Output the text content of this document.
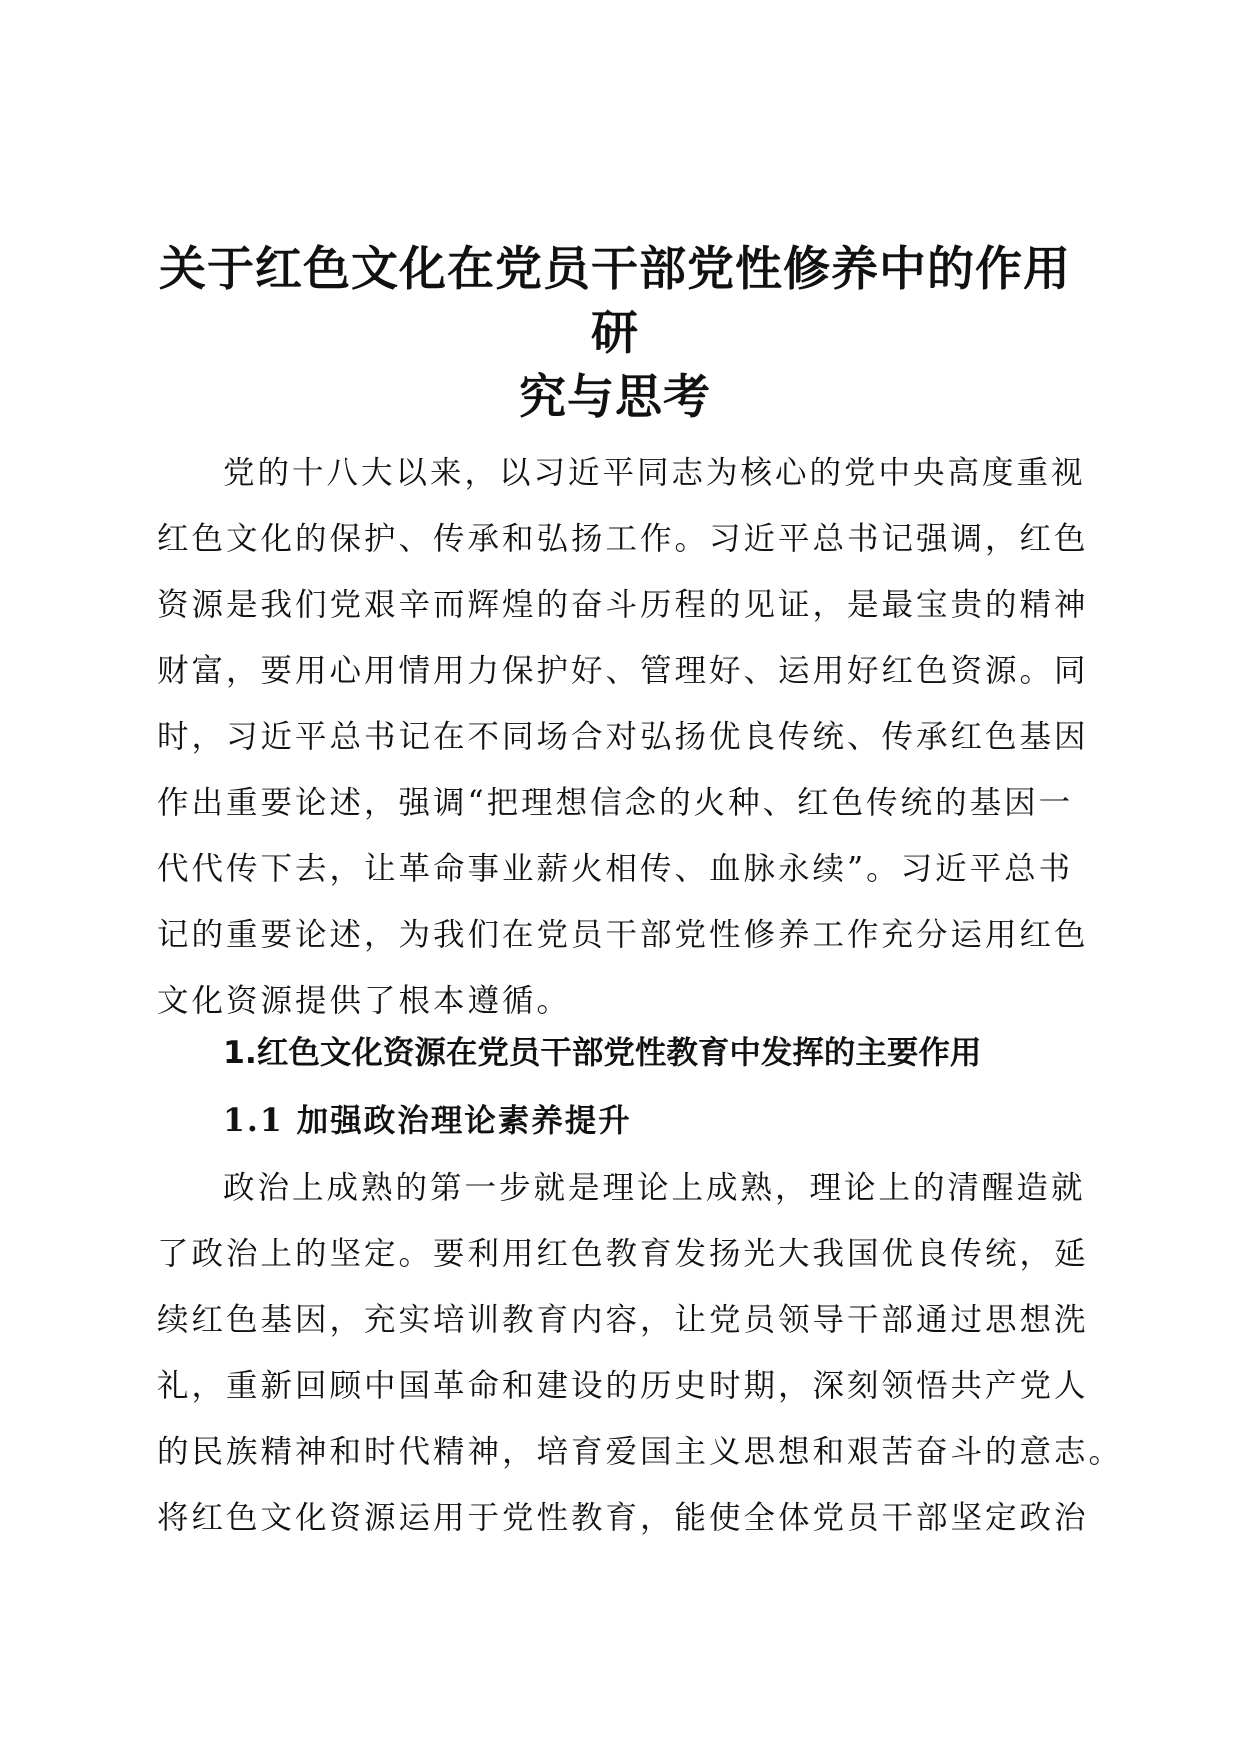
关于红色文化在党员干部党性修养中的作用研
究与思考

党的十八大以来，以习近平同志为核心的党中央高度重视
红色文化的保护、传承和弘扬工作。习近平总书记强调，红色
资源是我们党艰辛而辉煌的奋斗历程的见证，是最宝贵的精神
财富，要用心用情用力保护好、管理好、运用好红色资源。同
时，习近平总书记在不同场合对弘扬优良传统、传承红色基因
作出重要论述，强调“把理想信念的火种、红色传统的基因一
代代传下去，让革命事业薪火相传、血脉永续”。习近平总书
记的重要论述，为我们在党员干部党性修养工作充分运用红色
文化资源提供了根本遵循。

1.红色文化资源在党员干部党性教育中发挥的主要作用
1.1 加强政治理论素养提升

政治上成熟的第一步就是理论上成熟，理论上的清醒造就
了政治上的坚定。要利用红色教育发扬光大我国优良传统，延
续红色基因，充实培训教育内容，让党员领导干部通过思想洗
礼，重新回顾中国革命和建设的历史时期，深刻领悟共产党人
的民族精神和时代精神，培育爱国主义思想和艰苦奋斗的意志。
将红色文化资源运用于党性教育，能使全体党员干部坚定政治
